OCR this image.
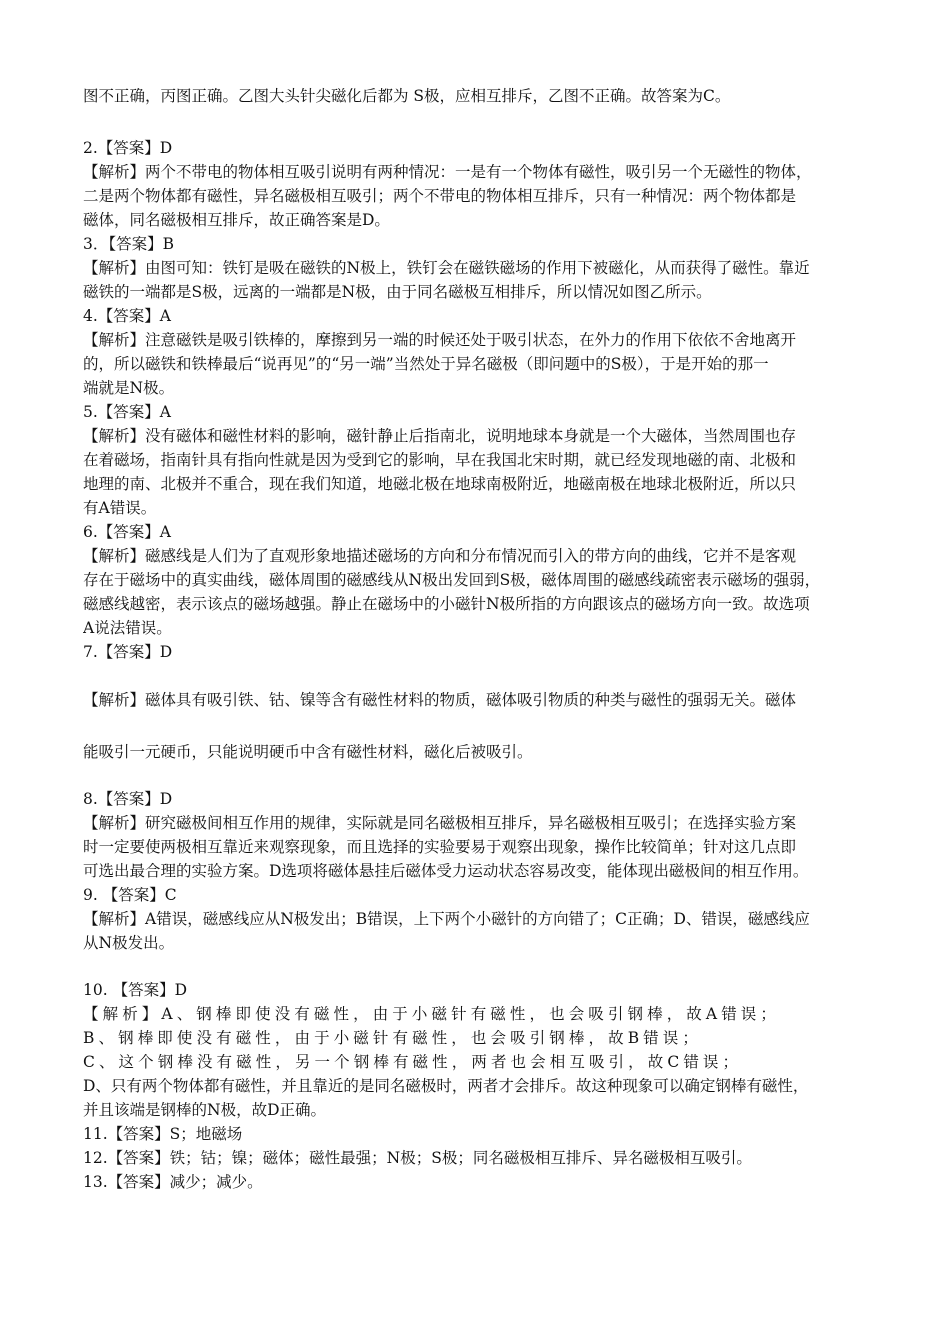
图不正确，丙图正确。乙图大头针尖磁化后都为 S极，应相互排斥，乙图不正确。故答案为C。
2.【答案】D
【解析】两个不带电的物体相互吸引说明有两种情况：一是有一个物体有磁性，吸引另一个无磁性的物体，
二是两个物体都有磁性，异名磁极相互吸引；两个不带电的物体相互排斥，只有一种情况：两个物体都是
磁体，同名磁极相互排斥，故正确答案是D。
3．【答案】B
【解析】由图可知：铁钉是吸在磁铁的N极上，铁钉会在磁铁磁场的作用下被磁化，从而获得了磁性。靠近
磁铁的一端都是S极，远离的一端都是N极，由于同名磁极互相排斥，所以情况如图乙所示。
4.【答案】A
【解析】注意磁铁是吸引铁棒的，摩擦到另一端的时候还处于吸引状态，在外力的作用下依依不舍地离开
的，所以磁铁和铁棒最后“说再见”的“另一端”当然处于异名磁极（即问题中的S极），于是开始的那一
端就是N极。
5.【答案】A
【解析】没有磁体和磁性材料的影响，磁针静止后指南北，说明地球本身就是一个大磁体，当然周围也存
在着磁场，指南针具有指向性就是因为受到它的影响，早在我国北宋时期，就已经发现地磁的南、北极和
地理的南、北极并不重合，现在我们知道，地磁北极在地球南极附近，地磁南极在地球北极附近，所以只
有A错误。
6.【答案】A
【解析】磁感线是人们为了直观形象地描述磁场的方向和分布情况而引入的带方向的曲线，它并不是客观
存在于磁场中的真实曲线，磁体周围的磁感线从N极出发回到S极，磁体周围的磁感线疏密表示磁场的强弱，
磁感线越密，表示该点的磁场越强。静止在磁场中的小磁针N极所指的方向跟该点的磁场方向一致。故选项
A说法错误。
7.【答案】D
【解析】磁体具有吸引铁、钴、镍等含有磁性材料的物质，磁体吸引物质的种类与磁性的强弱无关。磁体
能吸引一元硬币，只能说明硬币中含有磁性材料，磁化后被吸引。
8.【答案】D
【解析】研究磁极间相互作用的规律，实际就是同名磁极相互排斥，异名磁极相互吸引；在选择实验方案
时一定要使两极相互靠近来观察现象，而且选择的实验要易于观察出现象，操作比较简单；针对这几点即
可选出最合理的实验方案。D选项将磁体悬挂后磁体受力运动状态容易改变，能体现出磁极间的相互作用。
9. 【答案】C
【解析】A错误，磁感线应从N极发出；B错误，上下两个小磁针的方向错了；C正确；D、错误，磁感线应
从N极发出。
10. 【答案】D
【解析】A、钢棒即使没有磁性，由于小磁针有磁性，也会吸引钢棒，故A错误；
B、钢棒即使没有磁性，由于小磁针有磁性，也会吸引钢棒，故B错误；
C、这个钢棒没有磁性，另一个钢棒有磁性，两者也会相互吸引，故C错误；
D、只有两个物体都有磁性，并且靠近的是同名磁极时，两者才会排斥。故这种现象可以确定钢棒有磁性，
并且该端是钢棒的N极，故D正确。
11.【答案】S；地磁场
12.【答案】铁；钴；镍；磁体；磁性最强；N极；S极；同名磁极相互排斥、异名磁极相互吸引。
13.【答案】减少；减少。
